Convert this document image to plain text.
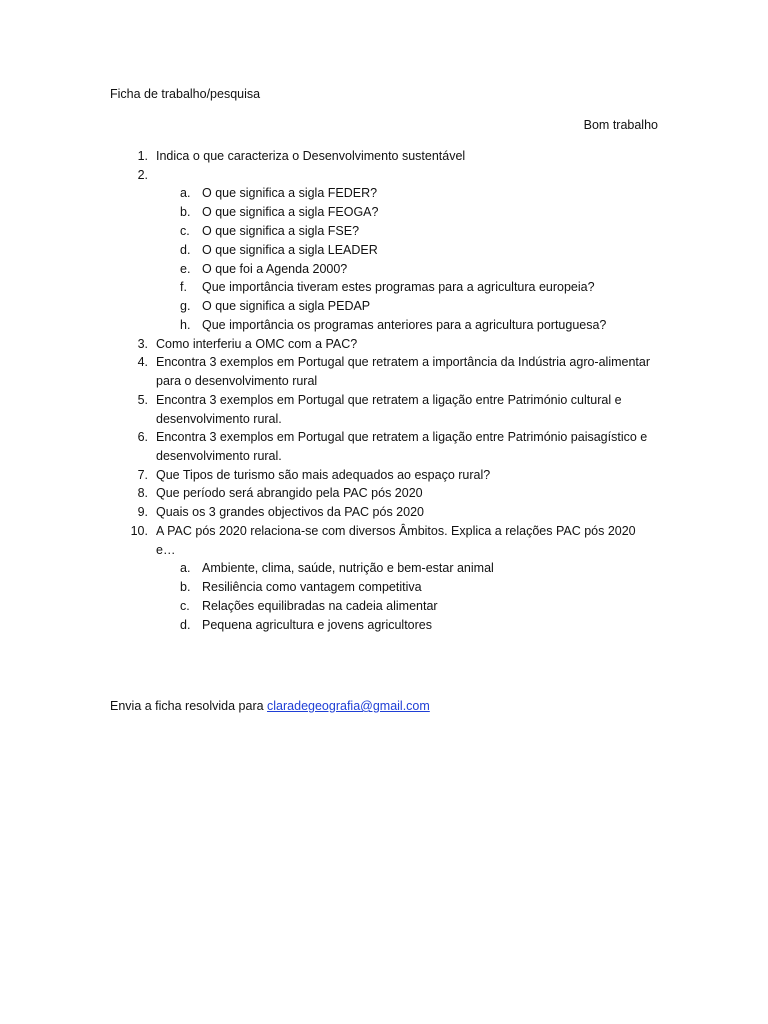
Ficha de trabalho/pesquisa
Bom trabalho
1. Indica o que caracteriza o Desenvolvimento sustentável
2.

a. O que significa a sigla FEDER?
b. O que significa a sigla FEOGA?
c. O que significa a sigla FSE?
d. O que significa a sigla LEADER
e. O que foi a Agenda 2000?
f.	Que importância tiveram estes programas para a agricultura europeia?
g. O que significa a sigla PEDAP
h. Que importância os programas anteriores para a agricultura portuguesa?
3. Como interferiu a OMC com a PAC?
4. Encontra 3 exemplos em Portugal que retratem a importância da Indústria agro-alimentar para o desenvolvimento rural
5. Encontra 3 exemplos em Portugal que retratem a ligação entre Património cultural e desenvolvimento rural.
6. Encontra 3 exemplos em Portugal que retratem a ligação entre Património paisagístico e desenvolvimento rural.
7. Que Tipos de turismo são mais adequados ao espaço rural?
8. Que período será abrangido pela PAC pós 2020
9. Quais os 3 grandes objectivos da PAC pós 2020
10. A PAC pós 2020 relaciona-se com diversos Âmbitos. Explica a relações PAC pós 2020 e…
a. Ambiente, clima, saúde, nutrição e bem-estar animal
b. Resiliência como vantagem competitiva
c. Relações equilibradas na cadeia alimentar
d. Pequena agricultura e jovens agricultores
Envia a ficha resolvida para claradegeografia@gmail.com
